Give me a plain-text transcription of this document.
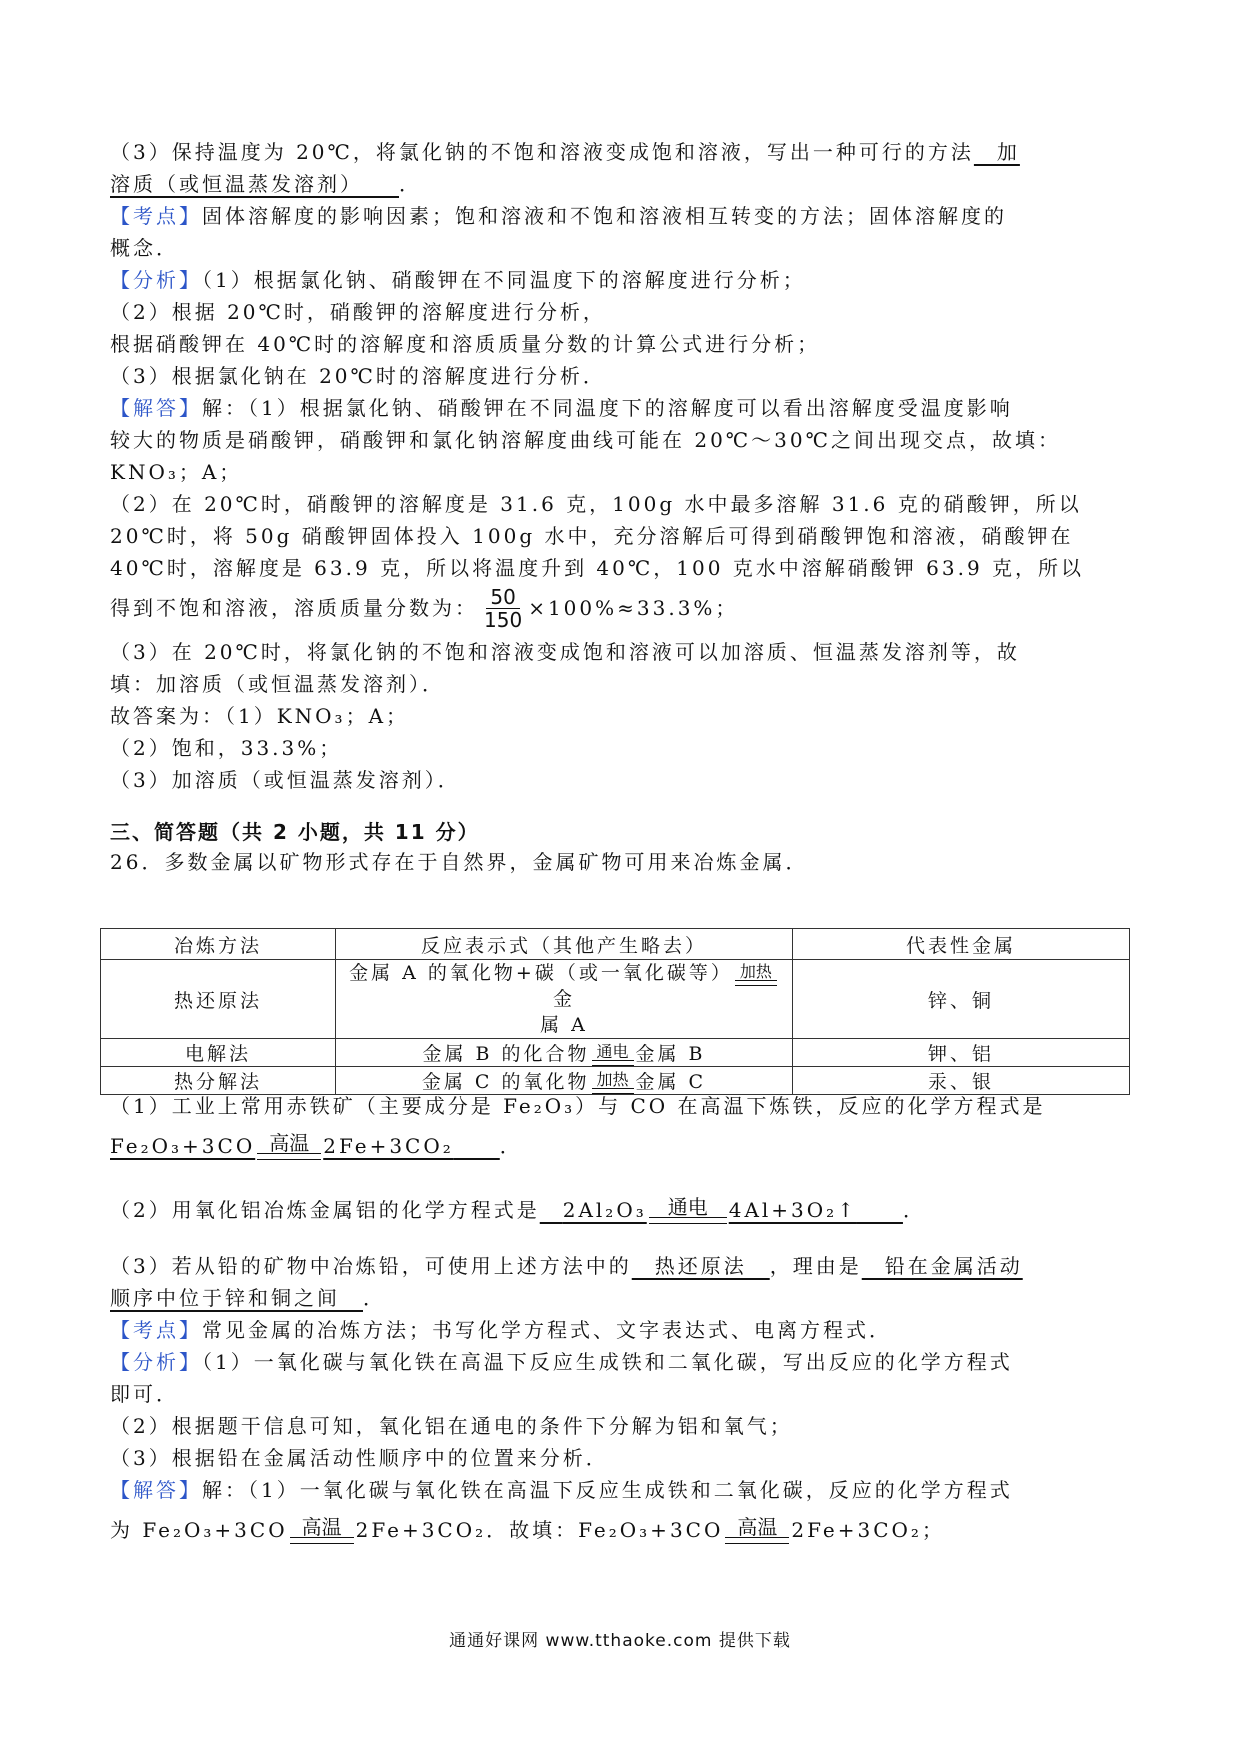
（3）保持温度为 20℃，将氯化钠的不饱和溶液变成饱和溶液，写出一种可行的方法　加
溶质（或恒温蒸发溶剂）　　 ．
【考点】固体溶解度的影响因素；饱和溶液和不饱和溶液相互转变的方法；固体溶解度的
概念．
【分析】（1）根据氯化钠、硝酸钾在不同温度下的溶解度进行分析；
（2）根据 20℃时，硝酸钾的溶解度进行分析，
根据硝酸钾在 40℃时的溶解度和溶质质量分数的计算公式进行分析；
（3）根据氯化钠在 20℃时的溶解度进行分析．
【解答】解：（1）根据氯化钠、硝酸钾在不同温度下的溶解度可以看出溶解度受温度影响
较大的物质是硝酸钾，硝酸钾和氯化钠溶解度曲线可能在 20℃～30℃之间出现交点，故填：
KNO₃；A；
（2）在 20℃时，硝酸钾的溶解度是 31.6 克，100g 水中最多溶解 31.6 克的硝酸钾，所以
20℃时，将 50g 硝酸钾固体投入 100g 水中，充分溶解后可得到硝酸钾饱和溶液，硝酸钾在
40℃时，溶解度是 63.9 克，所以将温度升到 40℃，100 克水中溶解硝酸钾 63.9 克，所以
得到不饱和溶液，溶质质量分数为： $\frac{50}{150} \times 100\%\approx 33.3\%$；
（3）在 20℃时，将氯化钠的不饱和溶液变成饱和溶液可以加溶质、恒温蒸发溶剂等，故
填：加溶质（或恒温蒸发溶剂）．
故答案为：（1）KNO₃；A；
（2）饱和，33.3%；
（3）加溶质（或恒温蒸发溶剂）．
三、简答题（共 2 小题，共 11 分）
26．多数金属以矿物形式存在于自然界，金属矿物可用来冶炼金属．
冶炼方法	反应表示式（其他产生略去）	代表性金属
热还原法	金属 A 的氧化物+碳（或一氧化碳等） 加热
金
属 A	锌、铜
电解法	金属 B 的化合物 通电 金属 B	钾、铝
热分解法	金属 C 的氧化物 加热 金属 C	汞、银
（1）工业上常用赤铁矿（主要成分是 Fe₂O₃）与 CO 在高温下炼铁，反应的化学方程式是
Fe₂O₃+3CO 高温 2Fe+3CO₂
　　 ．
（2）用氧化铝冶炼金属铝的化学方程式是
　 2Al₂O₃ 通电 4Al+3O₂↑
　　 ．
（3）若从铅的矿物中冶炼铅，可使用上述方法中的　热还原法　，理由是　铅在金属活动
顺序中位于锌和铜之间　 ．
【考点】常见金属的冶炼方法；书写化学方程式、文字表达式、电离方程式．
【分析】（1）一氧化碳与氧化铁在高温下反应生成铁和二氧化碳，写出反应的化学方程式
即可．
（2）根据题干信息可知，氧化铝在通电的条件下分解为铝和氧气；
（3）根据铅在金属活动性顺序中的位置来分析．
【解答】解：（1）一氧化碳与氧化铁在高温下反应生成铁和二氧化碳，反应的化学方程式
为 Fe₂O₃+3CO 高温 2Fe+3CO₂．故填：Fe₂O₃+3CO 高温 2Fe+3CO₂；
通通好课网 www.tthaoke.com 提供下载
